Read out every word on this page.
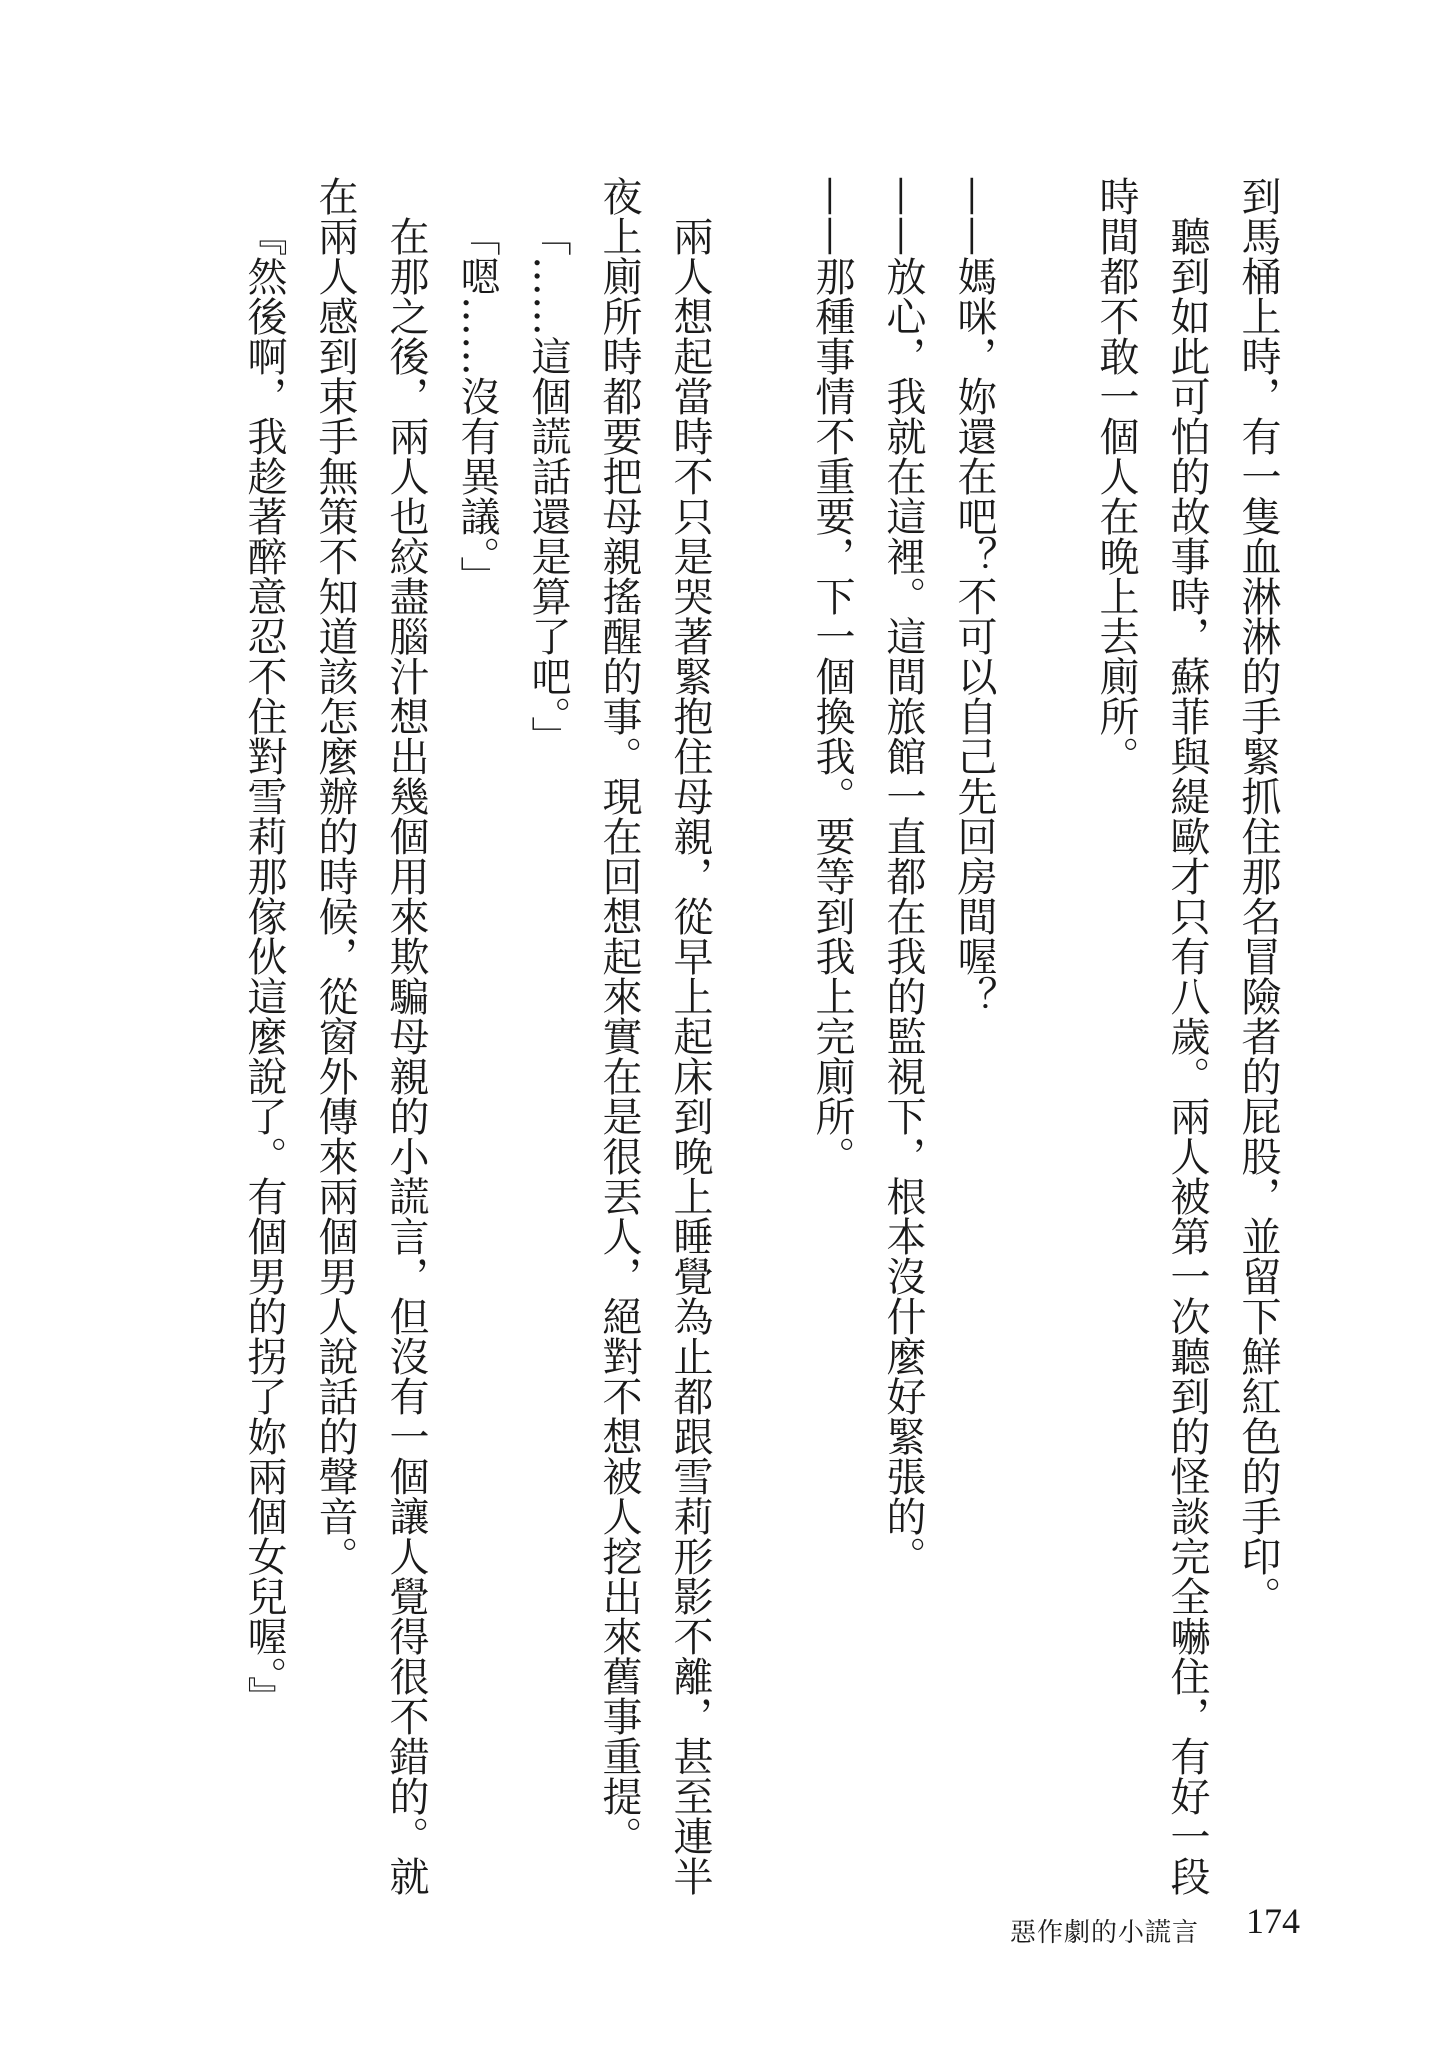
到馬桶上時，有一隻血淋淋的手緊抓住那名冒險者的屁股，並留下鮮紅色的手印。

聽到如此可怕的故事時，蘇菲與緹歐才只有八歲。兩人被第一次聽到的怪談完全嚇住，有好一段

時間都不敢一個人在晚上去廁所。

——媽咪，妳還在吧？不可以自己先回房間喔？

——放心，我就在這裡。這間旅館一直都在我的監視下，根本沒什麼好緊張的。

——那種事情不重要，下一個換我。要等到我上完廁所。

兩人想起當時不只是哭著緊抱住母親，從早上起床到晚上睡覺為止都跟雪莉形影不離，甚至連半

夜上廁所時都要把母親搖醒的事。現在回想起來實在是很丟人，絕對不想被人挖出來舊事重提。

「……這個謊話還是算了吧。」

「嗯……沒有異議。」

在那之後，兩人也絞盡腦汁想出幾個用來欺騙母親的小謊言，但沒有一個讓人覺得很不錯的。就

在兩人感到束手無策不知道該怎麼辦的時候，從窗外傳來兩個男人說話的聲音。

『然後啊，我趁著醉意忍不住對雪莉那傢伙這麼說了。有個男的拐了妳兩個女兒喔。』

惡作劇的小謊言 174
